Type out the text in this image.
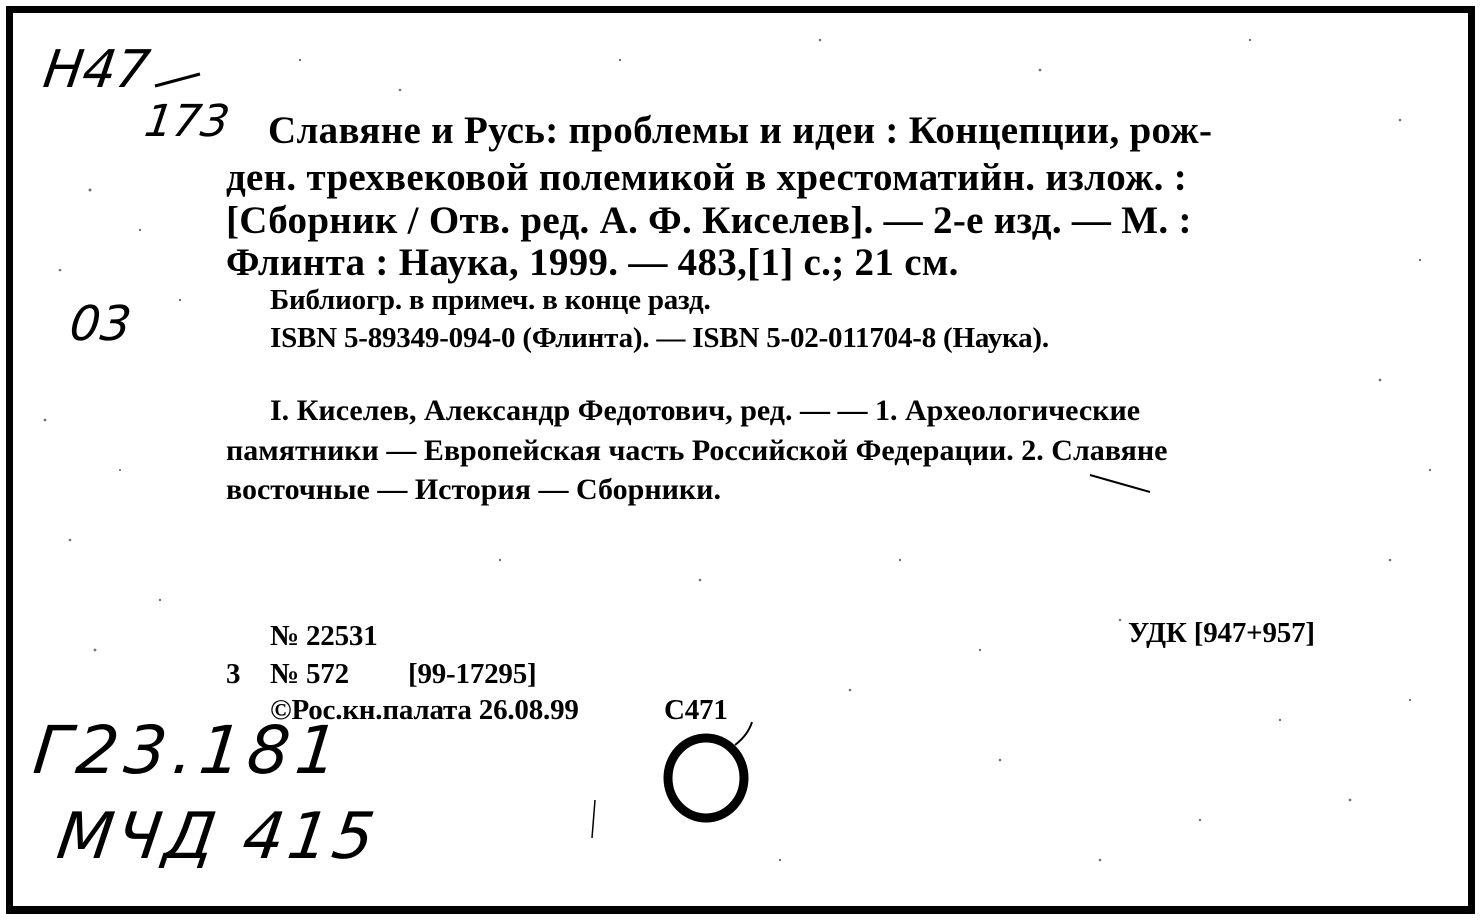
Н47
173
03
Г23.181
МЧД 415
Славяне и Русь: проблемы и идеи : Концепции, рож-
ден. трехвековой полемикой в хрестоматийн. излож. :
[Сборник / Отв. ред. А. Ф. Киселев]. — 2-е изд. — М. :
Флинта : Наука, 1999. — 483,[1] с.; 21 см.
Библиогр. в примеч. в конце разд.
ISBN 5-89349-094-0 (Флинта). — ISBN 5-02-011704-8 (Наука).
I. Киселев, Александр Федотович, ред. — — 1. Археологические
памятники — Европейская часть Российской Федерации. 2. Славяне
восточные — История — Сборники.
№ 22531	УДК [947+957]
3 № 572 [99-17295]
©Рос.кн.палата 26.08.99	С471
